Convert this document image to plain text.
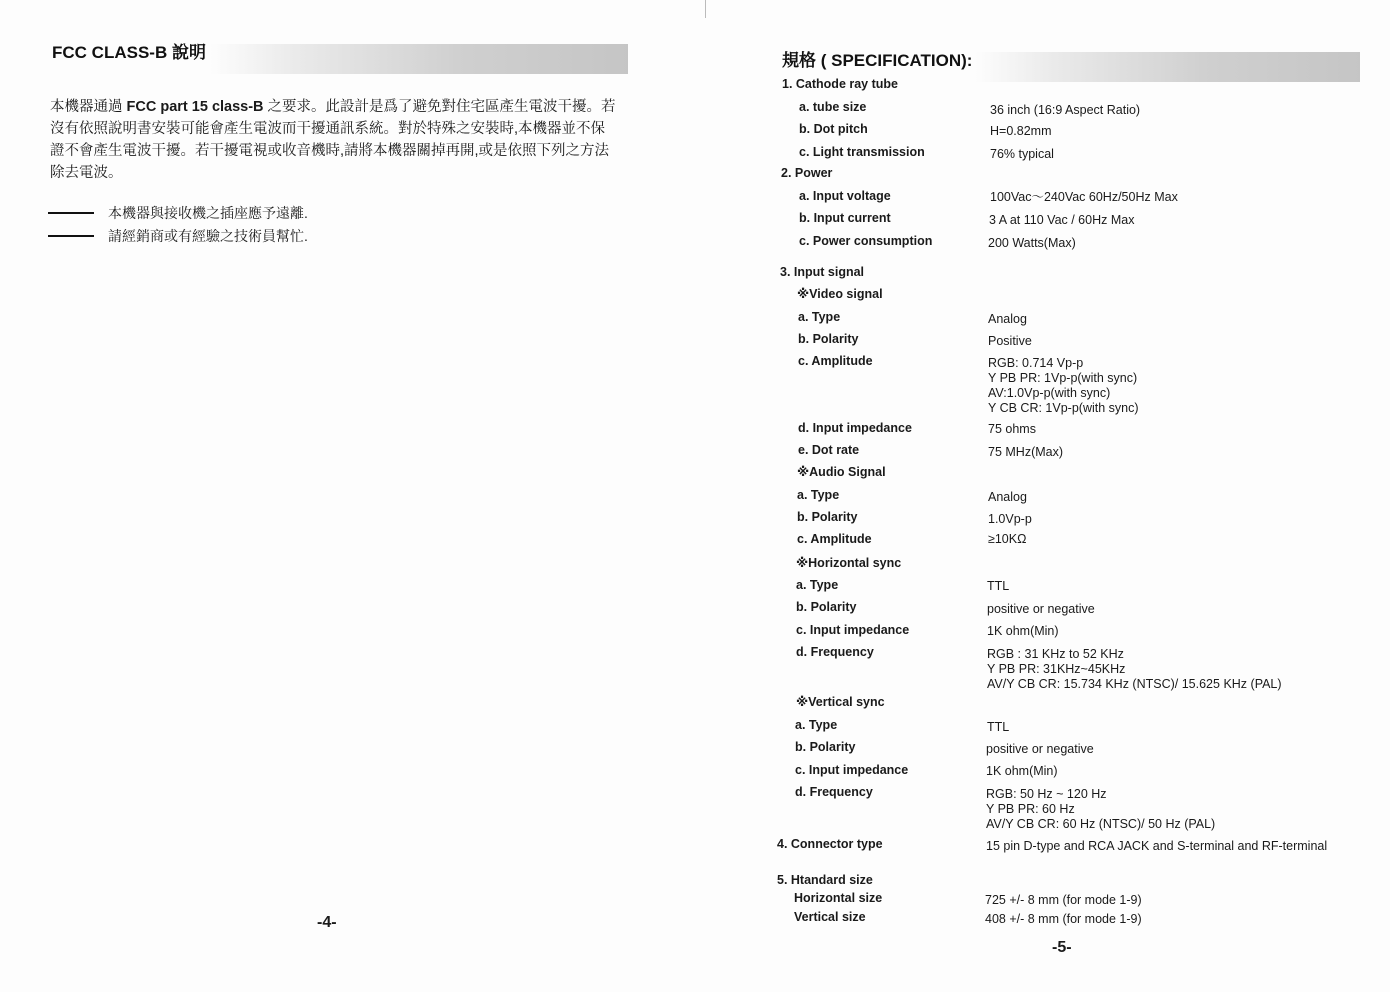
FCC CLASS-B 說明

本機器通過 FCC part 15 class-B 之要求。此設計是爲了避免對住宅區產生電波干擾。若
沒有依照說明書安裝可能會產生電波而干擾通訊系統。對於特殊之安裝時,本機器並不保
證不會產生電波干擾。若干擾電視或收音機時,請將本機器關掉再開,或是依照下列之方法
除去電波。

本機器與接收機之插座應予遠離.
請經銷商或有經驗之技術員幫忙.
-4-
規格 ( SPECIFICATION):
1. Cathode ray tube
a. tube size	36 inch (16:9 Aspect Ratio)
b. Dot pitch	H=0.82mm
c. Light transmission	76% typical
2. Power
a. Input voltage	100Vac～240Vac 60Hz/50Hz Max
b. Input current	3 A at 110 Vac / 60Hz Max
c. Power consumption	200 Watts(Max)
3. Input signal
※Video signal
a. Type	Analog
b. Polarity	Positive
c. Amplitude	RGB: 0.714 Vp-p
Y PB PR: 1Vp-p(with sync)
AV:1.0Vp-p(with sync)
Y CB CR: 1Vp-p(with sync)
d. Input impedance	75 ohms
e. Dot rate	75 MHz(Max)
※Audio Signal
a. Type	Analog
b. Polarity	1.0Vp-p
c. Amplitude	≥10KΩ
※Horizontal sync
a. Type	TTL
b. Polarity	positive or negative
c. Input impedance	1K ohm(Min)
d. Frequency	RGB : 31 KHz to 52 KHz
Y PB PR: 31KHz~45KHz
AV/Y CB CR: 15.734 KHz (NTSC)/ 15.625 KHz (PAL)
※Vertical sync
a. Type	TTL
b. Polarity	positive or negative
c. Input impedance	1K ohm(Min)
d. Frequency	RGB: 50 Hz ~ 120 Hz
Y PB PR: 60 Hz
AV/Y CB CR: 60 Hz (NTSC)/ 50 Hz (PAL)
4. Connector type	15 pin D-type and RCA JACK and S-terminal and RF-terminal
5. Htandard size
Horizontal size	725 +/- 8 mm (for mode 1-9)
Vertical size	408 +/- 8 mm (for mode 1-9)
-5-
